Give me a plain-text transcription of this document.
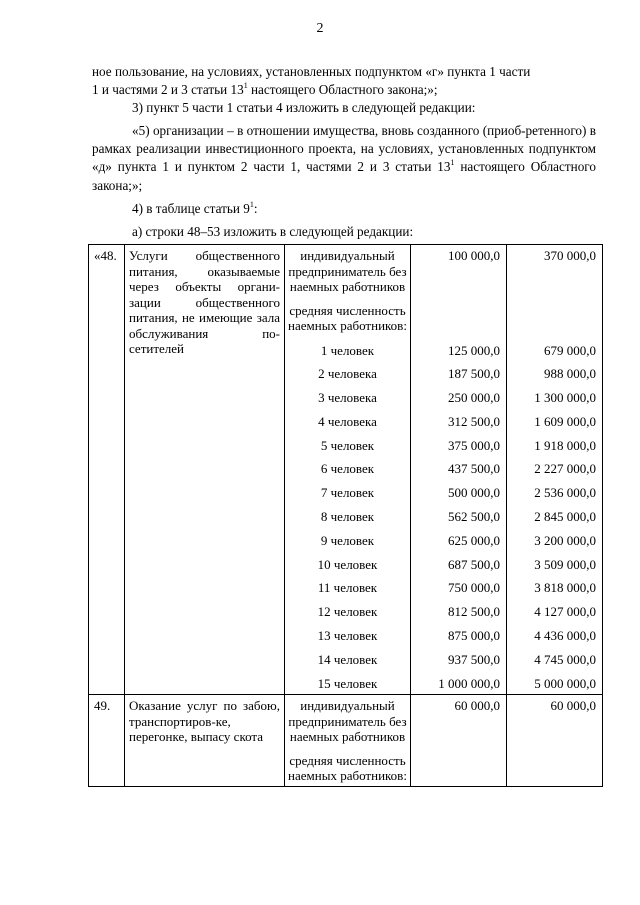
2
ное пользование, на условиях, установленных подпунктом «г» пункта 1 части
1 и частями 2 и 3 статьи $13^1$ настоящего Областного закона;»;
3) пункт 5 части 1 статьи 4 изложить в следующей редакции:
«5) организации – в отношении имущества, вновь созданного (приоб-ретенного) в рамках реализации инвестиционного проекта, на условиях, установленных подпунктом «д» пункта 1 и пунктом 2 части 1, частями 2 и 3 статьи $13^1$ настоящего Областного закона;»;
4) в таблице статьи $9^1$:
а) строки 48–53 изложить в следующей редакции:
«48.	Услуги общественного питания, оказываемые через объекты органи-зации общественного питания, не имеющие зала обслуживания по-сетителей	индивидуальный предприниматель без наемных работников	100 000,0	370 000,0
		средняя численность наемных работников:		
		1 человек	125 000,0	679 000,0
		2 человека	187 500,0	988 000,0
		3 человека	250 000,0	1 300 000,0
		4 человека	312 500,0	1 609 000,0
		5 человек	375 000,0	1 918 000,0
		6 человек	437 500,0	2 227 000,0
		7 человек	500 000,0	2 536 000,0
		8 человек	562 500,0	2 845 000,0
		9 человек	625 000,0	3 200 000,0
		10 человек	687 500,0	3 509 000,0
		11 человек	750 000,0	3 818 000,0
		12 человек	812 500,0	4 127 000,0
		13 человек	875 000,0	4 436 000,0
		14 человек	937 500,0	4 745 000,0
		15 человек	1 000 000,0	5 000 000,0
49.	Оказание услуг по забою, транспортиров-ке, перегонке, выпасу скота	индивидуальный предприниматель без наемных работников	60 000,0	60 000,0
		средняя численность наемных работников:		
